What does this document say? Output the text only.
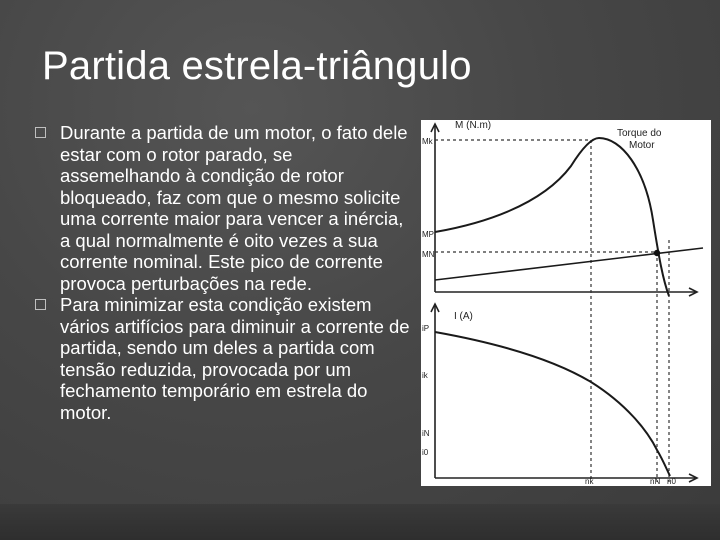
Partida estrela-triângulo
Durante a partida de um motor, o fato dele estar com o rotor parado, se assemelhando à condição de rotor bloqueado, faz com que o mesmo solicite uma corrente maior para vencer a inércia, a qual normalmente é oito vezes a sua corrente nominal. Este pico de corrente provoca perturbações na rede.
Para minimizar esta condição existem vários artifícios para diminuir a corrente de partida, sendo um deles a partida com tensão reduzida, provocada por um fechamento temporário em estrela do motor.
M (N.m)
Torque do
Motor
Mk
MP
MN
I (A)
iP
ik
iN
i0
nk	nN n0
